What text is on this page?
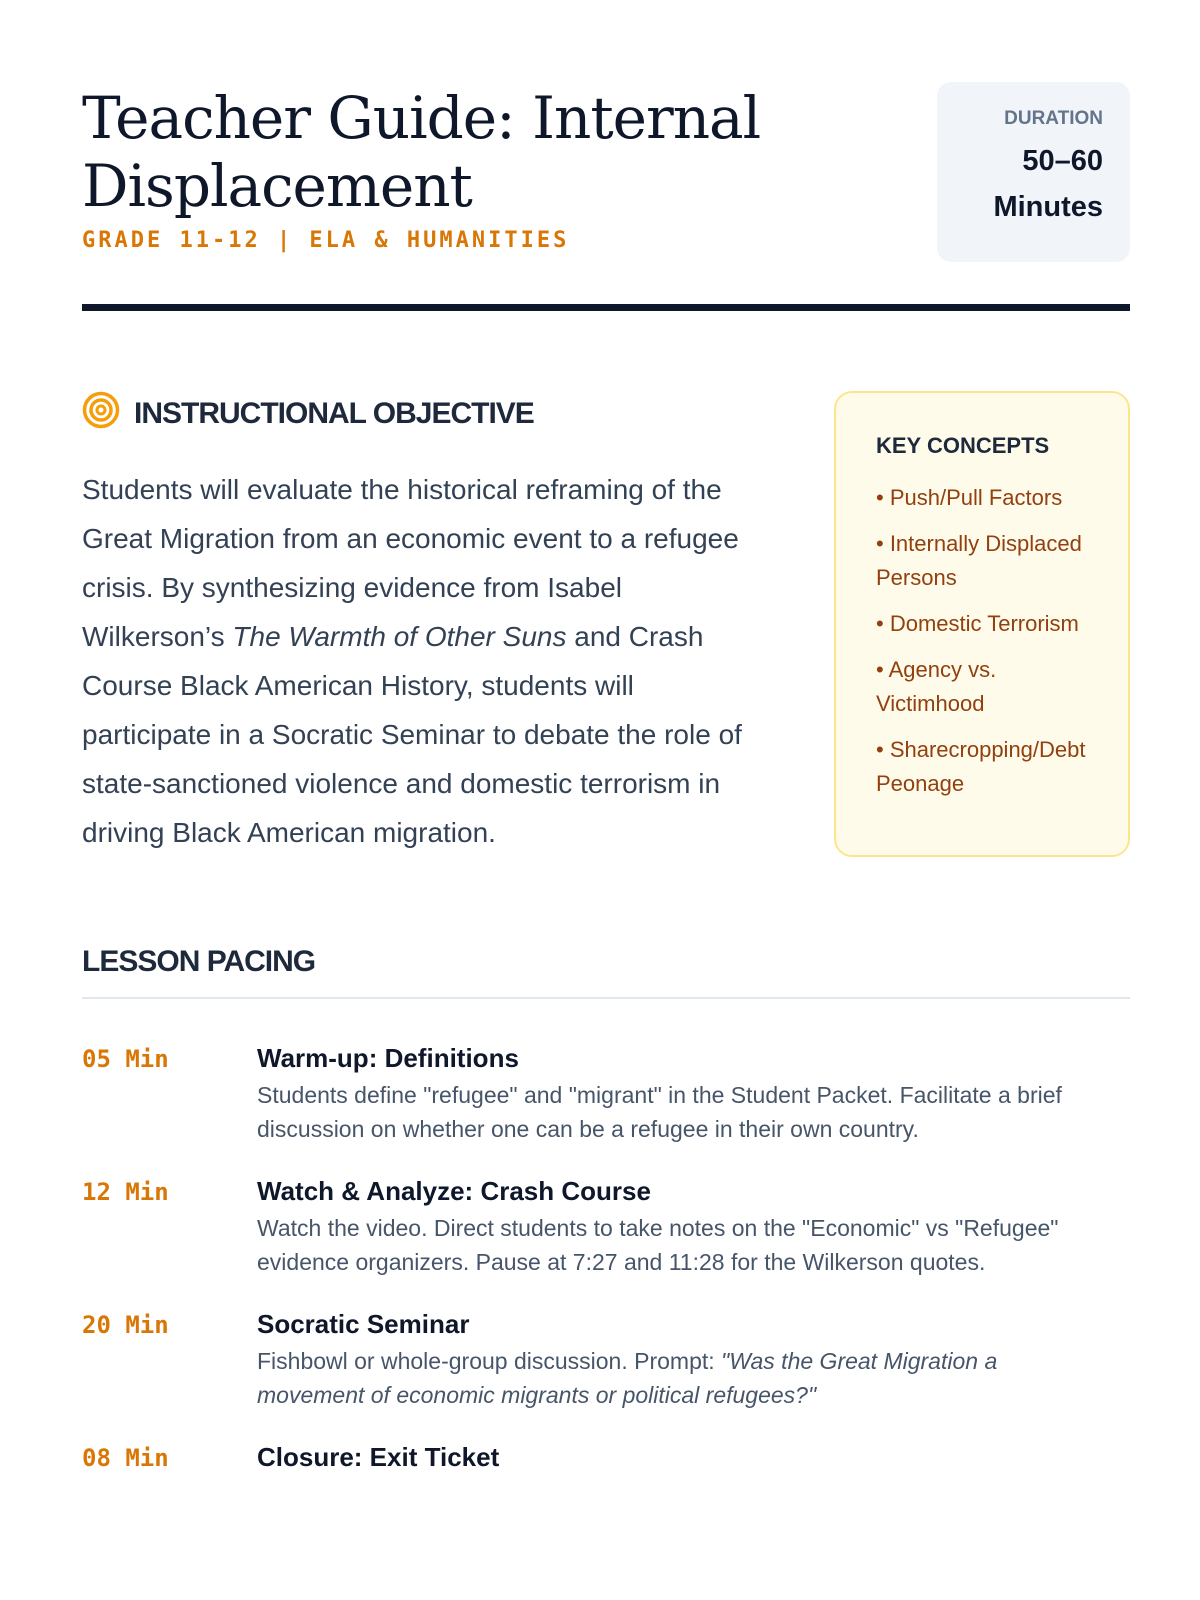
Teacher Guide: Internal Displacement
GRADE 11-12 | ELA & HUMANITIES
DURATION
50–60 Minutes
INSTRUCTIONAL OBJECTIVE

Students will evaluate the historical reframing of the Great Migration from an economic event to a refugee crisis. By synthesizing evidence from Isabel Wilkerson’s The Warmth of Other Suns and Crash Course Black American History, students will participate in a Socratic Seminar to debate the role of state-sanctioned violence and domestic terrorism in driving Black American migration.

KEY CONCEPTS
• Push/Pull Factors
• Internally Displaced Persons
• Domestic Terrorism
• Agency vs. Victimhood
• Sharecropping/Debt Peonage
LESSON PACING
05 Min	Warm-up: Definitions
Students define "refugee" and "migrant" in the Student Packet. Facilitate a brief discussion on whether one can be a refugee in their own country.
12 Min	Watch & Analyze: Crash Course
Watch the video. Direct students to take notes on the "Economic" vs "Refugee" evidence organizers. Pause at 7:27 and 11:28 for the Wilkerson quotes.
20 Min	Socratic Seminar
Fishbowl or whole-group discussion. Prompt: "Was the Great Migration a movement of economic migrants or political refugees?"
08 Min	Closure: Exit Ticket
